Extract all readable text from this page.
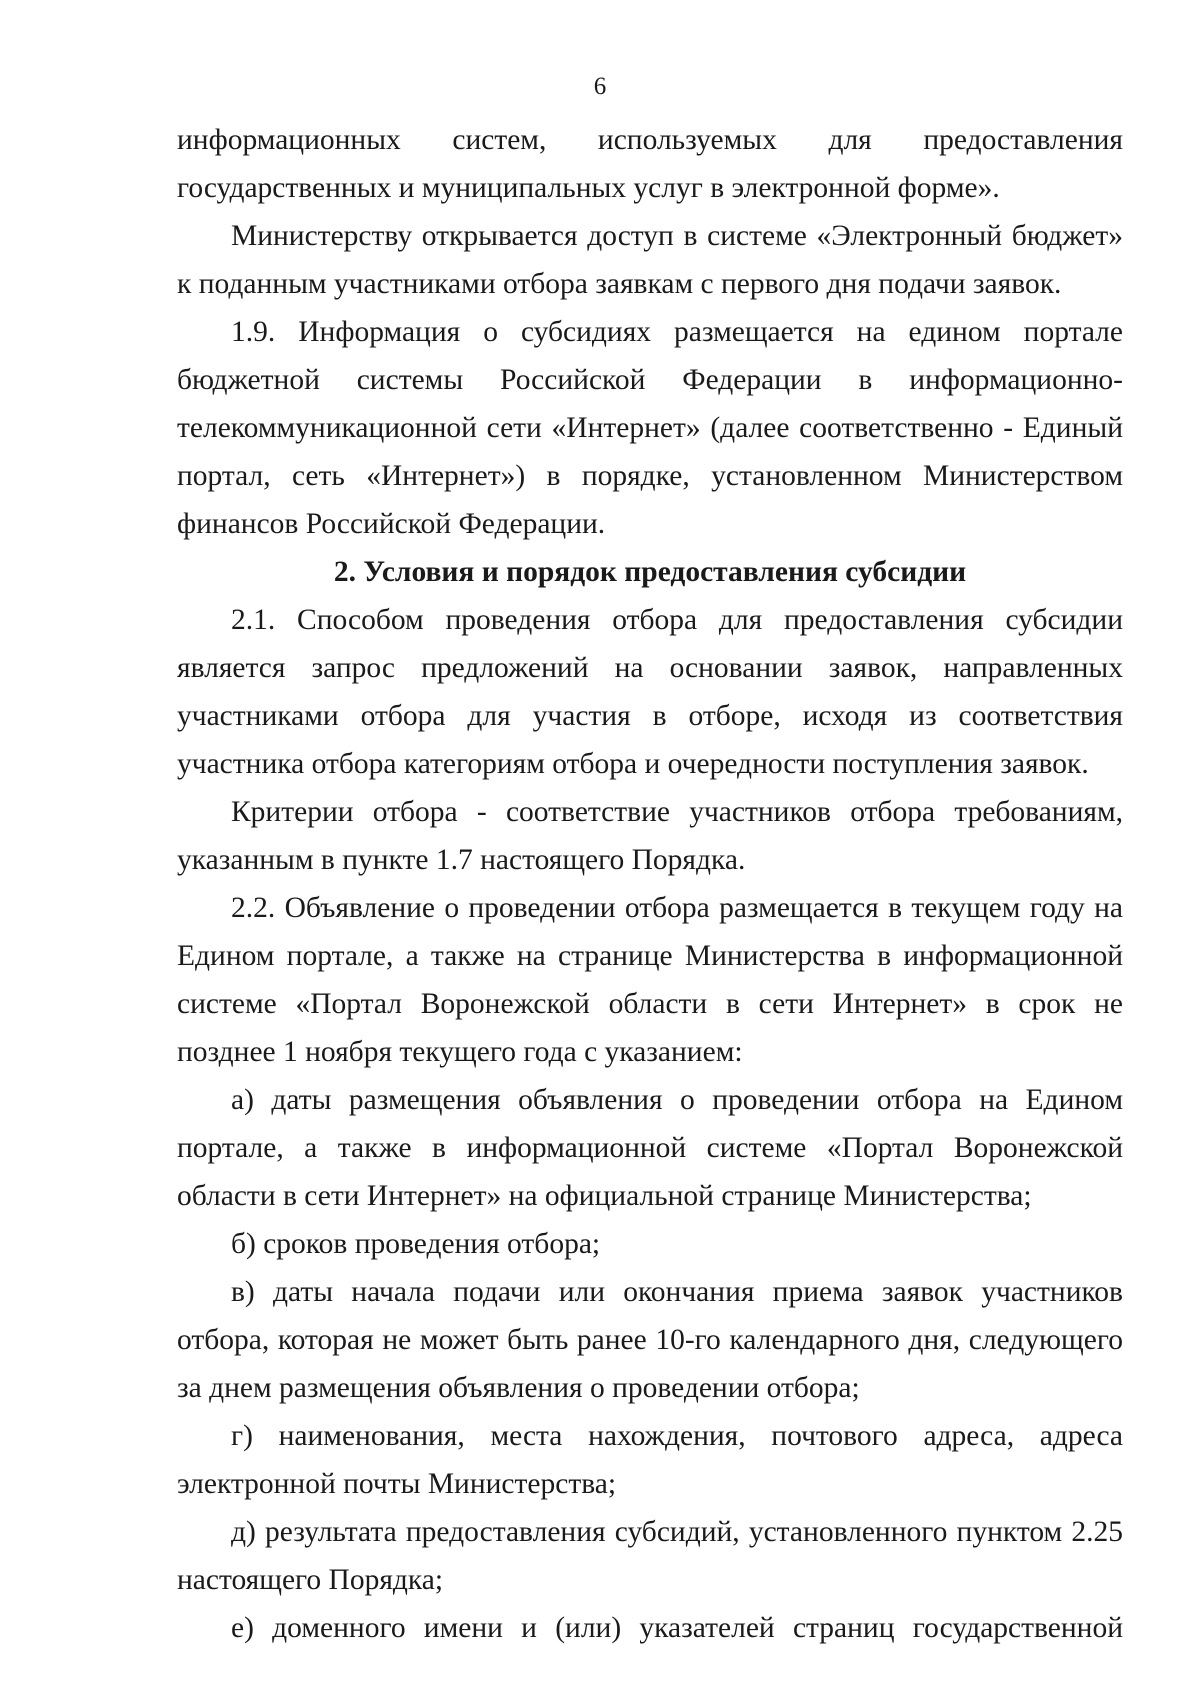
6

информационных систем, используемых для предоставления государственных и муниципальных услуг в электронной форме».

Министерству открывается доступ в системе «Электронный бюджет» к поданным участниками отбора заявкам с первого дня подачи заявок.

1.9. Информация о субсидиях размещается на едином портале бюджетной системы Российской Федерации в информационно-телекоммуникационной сети «Интернет» (далее соответственно - Единый портал, сеть «Интернет») в порядке, установленном Министерством финансов Российской Федерации.

2. Условия и порядок предоставления субсидии

2.1. Способом проведения отбора для предоставления субсидии является запрос предложений на основании заявок, направленных участниками отбора для участия в отборе, исходя из соответствия участника отбора категориям отбора и очередности поступления заявок.

Критерии отбора - соответствие участников отбора требованиям, указанным в пункте 1.7 настоящего Порядка.

2.2. Объявление о проведении отбора размещается в текущем году на Едином портале, а также на странице Министерства в информационной системе «Портал Воронежской области в сети Интернет» в срок не позднее 1 ноября текущего года с указанием:

а) даты размещения объявления о проведении отбора на Едином портале, а также в информационной системе «Портал Воронежской области в сети Интернет» на официальной странице Министерства;

б) сроков проведения отбора;

в) даты начала подачи или окончания приема заявок участников отбора, которая не может быть ранее 10-го календарного дня, следующего за днем размещения объявления о проведении отбора;

г) наименования, места нахождения, почтового адреса, адреса электронной почты Министерства;

д) результата предоставления субсидий, установленного пунктом 2.25 настоящего Порядка;

е) доменного имени и (или) указателей страниц государственной
